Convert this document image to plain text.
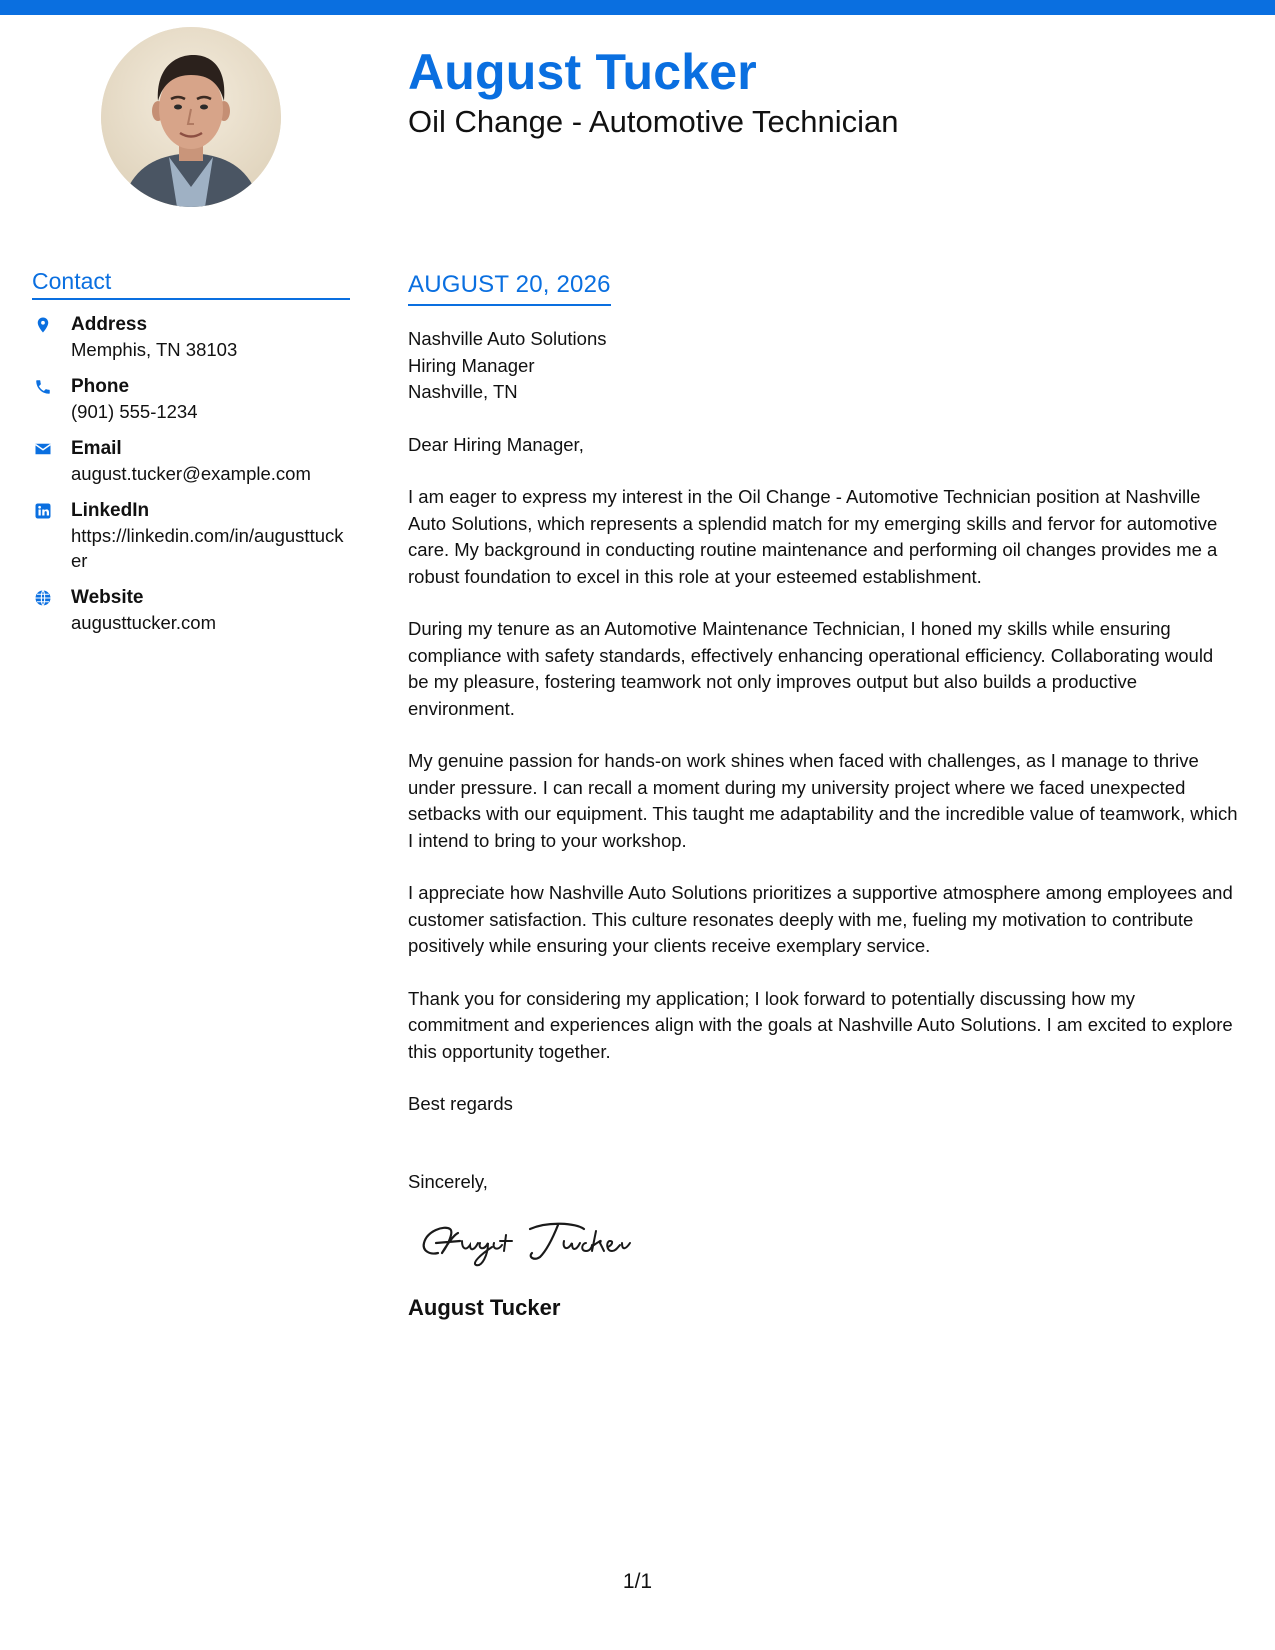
August Tucker
Oil Change - Automotive Technician
Contact
Address
Memphis, TN 38103
Phone
(901) 555-1234
Email
august.tucker@example.com
LinkedIn
https://linkedin.com/in/augusttucker
Website
augusttucker.com
AUGUST 20, 2026
Nashville Auto Solutions
Hiring Manager
Nashville, TN
Dear Hiring Manager,
I am eager to express my interest in the Oil Change - Automotive Technician position at Nashville Auto Solutions, which represents a splendid match for my emerging skills and fervor for automotive care. My background in conducting routine maintenance and performing oil changes provides me a robust foundation to excel in this role at your esteemed establishment.
During my tenure as an Automotive Maintenance Technician, I honed my skills while ensuring compliance with safety standards, effectively enhancing operational efficiency. Collaborating would be my pleasure, fostering teamwork not only improves output but also builds a productive environment.
My genuine passion for hands-on work shines when faced with challenges, as I manage to thrive under pressure. I can recall a moment during my university project where we faced unexpected setbacks with our equipment. This taught me adaptability and the incredible value of teamwork, which I intend to bring to your workshop.
I appreciate how Nashville Auto Solutions prioritizes a supportive atmosphere among employees and customer satisfaction. This culture resonates deeply with me, fueling my motivation to contribute positively while ensuring your clients receive exemplary service.
Thank you for considering my application; I look forward to potentially discussing how my commitment and experiences align with the goals at Nashville Auto Solutions. I am excited to explore this opportunity together.
Best regards
Sincerely,
August Tucker
1/1
